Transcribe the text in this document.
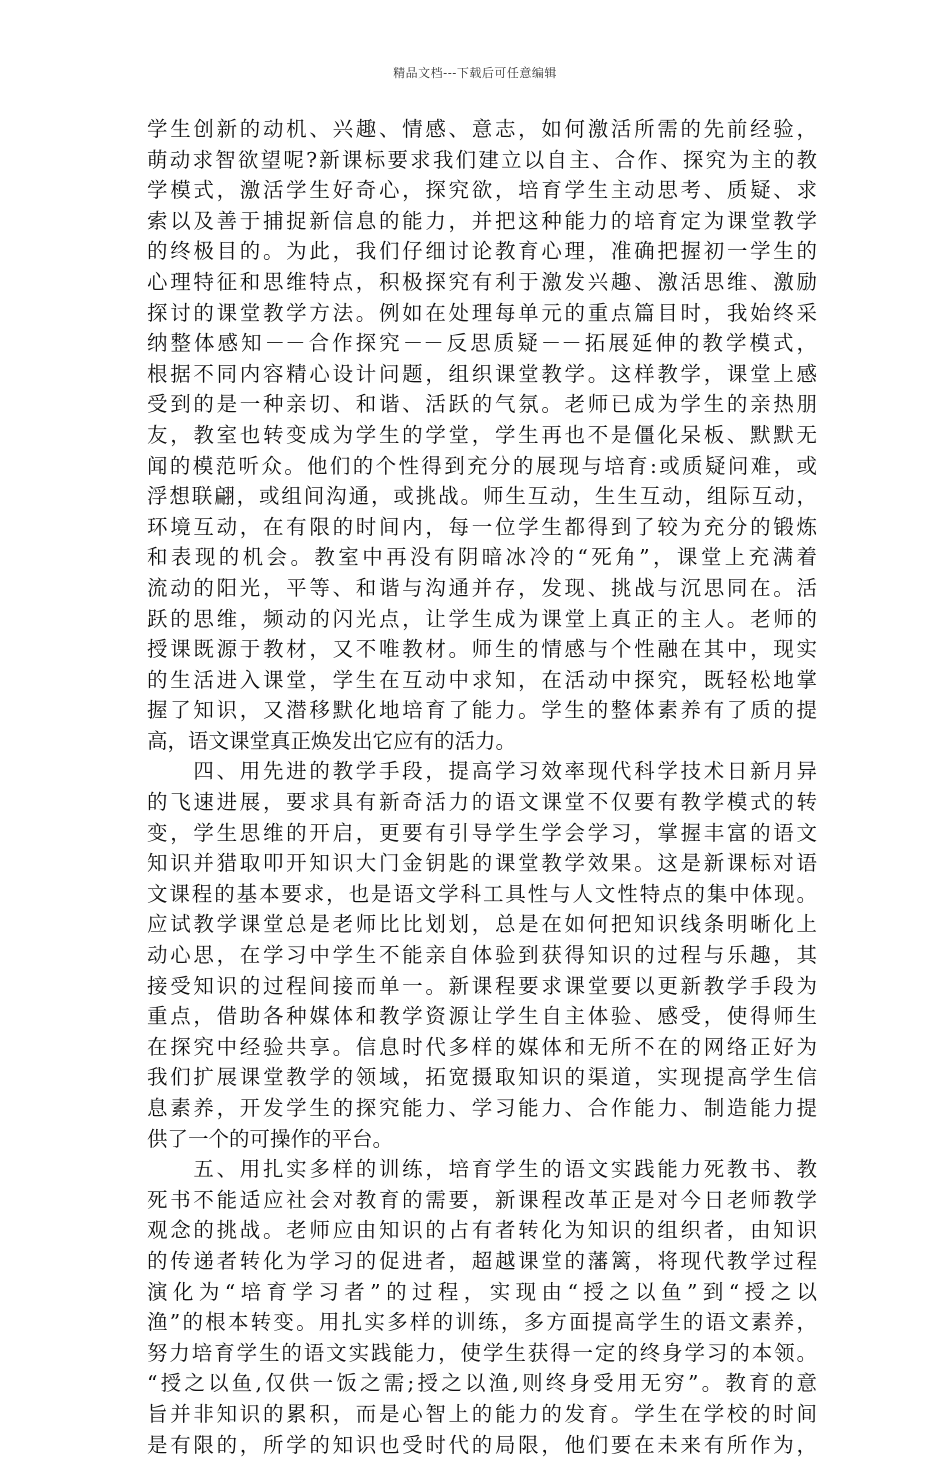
精品文档---下载后可任意编辑
学生创新的动机、兴趣、情感、意志，如何激活所需的先前经验，
萌动求智欲望呢?新课标要求我们建立以自主、合作、探究为主的教
学模式，激活学生好奇心，探究欲，培育学生主动思考、质疑、求
索以及善于捕捉新信息的能力，并把这种能力的培育定为课堂教学
的终极目的。为此，我们仔细讨论教育心理，准确把握初一学生的
心理特征和思维特点，积极探究有利于激发兴趣、激活思维、激励
探讨的课堂教学方法。例如在处理每单元的重点篇目时，我始终采
纳整体感知－－合作探究－－反思质疑－－拓展延伸的教学模式，
根据不同内容精心设计问题，组织课堂教学。这样教学，课堂上感
受到的是一种亲切、和谐、活跃的气氛。老师已成为学生的亲热朋
友，教室也转变成为学生的学堂，学生再也不是僵化呆板、默默无
闻的模范听众。他们的个性得到充分的展现与培育:或质疑问难，或
浮想联翩，或组间沟通，或挑战。师生互动，生生互动，组际互动，
环境互动，在有限的时间内，每一位学生都得到了较为充分的锻炼
和表现的机会。教室中再没有阴暗冰冷的“死角”，课堂上充满着
流动的阳光，平等、和谐与沟通并存，发现、挑战与沉思同在。活
跃的思维，频动的闪光点，让学生成为课堂上真正的主人。老师的
授课既源于教材，又不唯教材。师生的情感与个性融在其中，现实
的生活进入课堂，学生在互动中求知，在活动中探究，既轻松地掌
握了知识，又潜移默化地培育了能力。学生的整体素养有了质的提
高，语文课堂真正焕发出它应有的活力。
　　四、用先进的教学手段，提高学习效率现代科学技术日新月异
的飞速进展，要求具有新奇活力的语文课堂不仅要有教学模式的转
变，学生思维的开启，更要有引导学生学会学习，掌握丰富的语文
知识并猎取叩开知识大门金钥匙的课堂教学效果。这是新课标对语
文课程的基本要求，也是语文学科工具性与人文性特点的集中体现。
应试教学课堂总是老师比比划划，总是在如何把知识线条明晰化上
动心思，在学习中学生不能亲自体验到获得知识的过程与乐趣，其
接受知识的过程间接而单一。新课程要求课堂要以更新教学手段为
重点，借助各种媒体和教学资源让学生自主体验、感受，使得师生
在探究中经验共享。信息时代多样的媒体和无所不在的网络正好为
我们扩展课堂教学的领域，拓宽摄取知识的渠道，实现提高学生信
息素养，开发学生的探究能力、学习能力、合作能力、制造能力提
供了一个的可操作的平台。
　　五、用扎实多样的训练，培育学生的语文实践能力死教书、教
死书不能适应社会对教育的需要，新课程改革正是对今日老师教学
观念的挑战。老师应由知识的占有者转化为知识的组织者，由知识
的传递者转化为学习的促进者，超越课堂的藩篱，将现代教学过程
演化为“培育学习者”的过程，实现由“授之以鱼”到“授之以
渔”的根本转变。用扎实多样的训练，多方面提高学生的语文素养，
努力培育学生的语文实践能力，使学生获得一定的终身学习的本领。
“授之以鱼,仅供一饭之需;授之以渔,则终身受用无穷”。教育的意
旨并非知识的累积，而是心智上的能力的发育。学生在学校的时间
是有限的，所学的知识也受时代的局限，他们要在未来有所作为，
